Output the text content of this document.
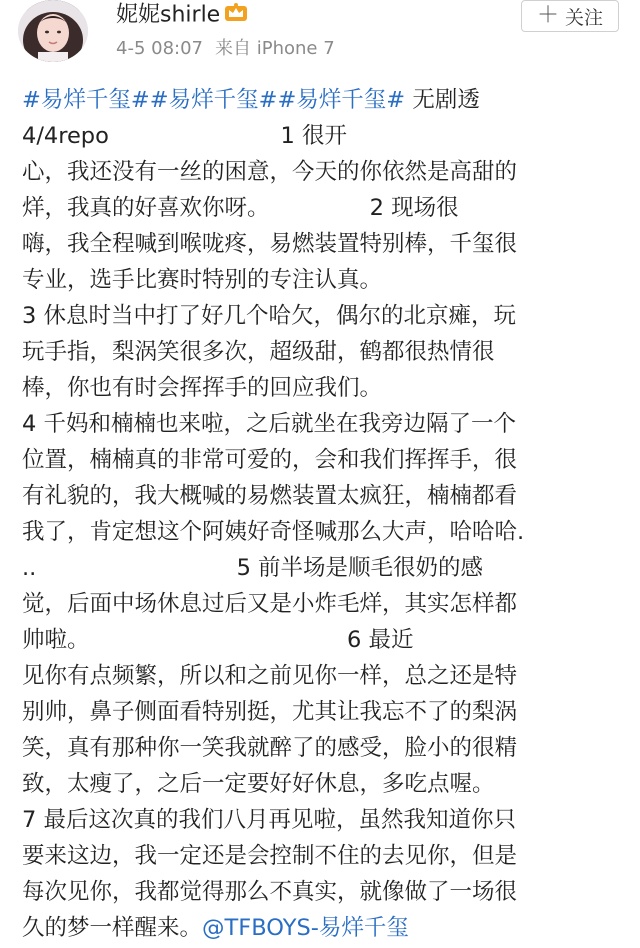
妮妮shirle
4-5 08:07 来自 iPhone 7
＋ 关注
#易烊千玺##易烊千玺##易烊千玺# 无剧透
4/4repo                        1 很开
心，我还没有一丝的困意，今天的你依然是高甜的
烊，我真的好喜欢你呀。              2 现场很
嗨，我全程喊到喉咙疼，易燃装置特别棒，千玺很
专业，选手比赛时特别的专注认真。
3 休息时当中打了好几个哈欠，偶尔的北京瘫，玩
玩手指，梨涡笑很多次，超级甜，鹤都很热情很
棒，你也有时会挥挥手的回应我们。
4 千妈和楠楠也来啦，之后就坐在我旁边隔了一个
位置，楠楠真的非常可爱的，会和我们挥挥手，很
有礼貌的，我大概喊的易燃装置太疯狂，楠楠都看
我了，肯定想这个阿姨好奇怪喊那么大声，哈哈哈.
..                            5 前半场是顺毛很奶的感
觉，后面中场休息过后又是小炸毛烊，其实怎样都
帅啦。                                    6 最近
见你有点频繁，所以和之前见你一样，总之还是特
别帅，鼻子侧面看特别挺，尤其让我忘不了的梨涡
笑，真有那种你一笑我就醉了的感受，脸小的很精
致，太瘦了，之后一定要好好休息，多吃点喔。
7 最后这次真的我们八月再见啦，虽然我知道你只
要来这边，我一定还是会控制不住的去见你，但是
每次见你，我都觉得那么不真实，就像做了一场很
久的梦一样醒来。@TFBOYS-易烊千玺
